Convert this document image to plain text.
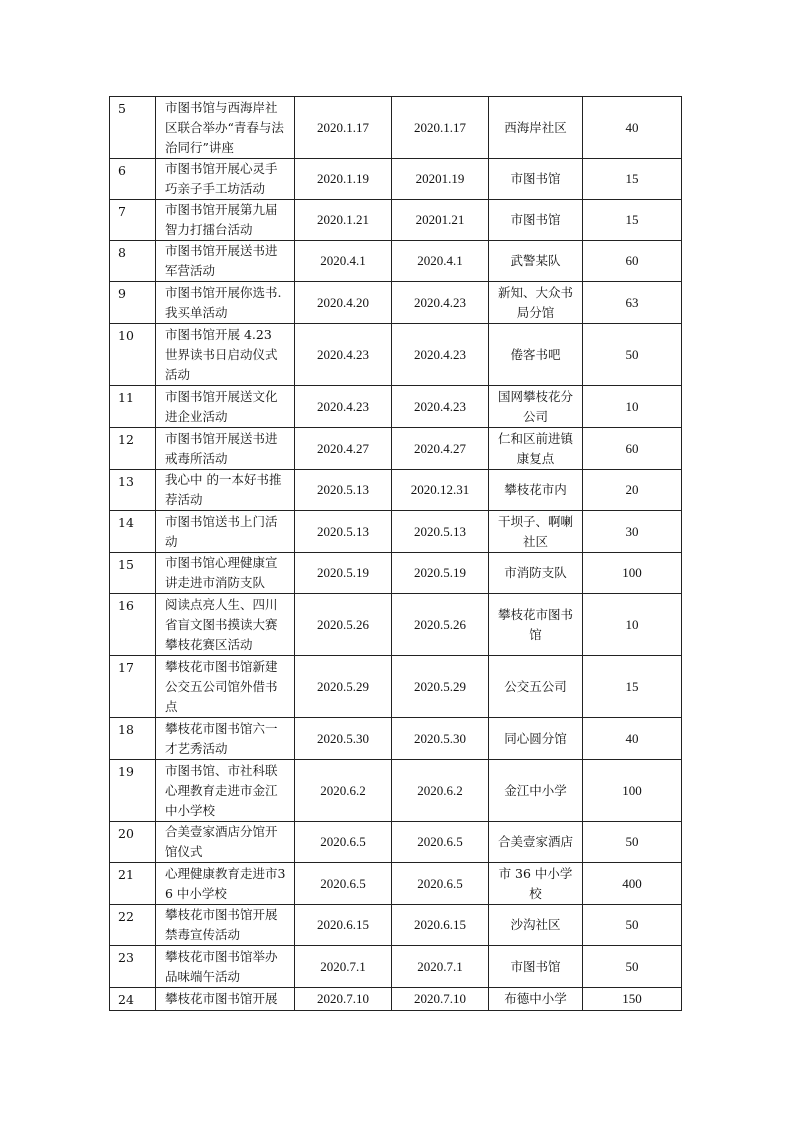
5	市图书馆与西海岸社区联合举办“青春与法治同行”讲座	2020.1.17	2020.1.17	西海岸社区	40
6	市图书馆开展心灵手巧亲子手工坊活动	2020.1.19	20201.19	市图书馆	15
7	市图书馆开展第九届智力打擂台活动	2020.1.21	20201.21	市图书馆	15
8	市图书馆开展送书进军营活动	2020.4.1	2020.4.1	武警某队	60
9	市图书馆开展你选书.我买单活动	2020.4.20	2020.4.23	新知、大众书局分馆	63
10	市图书馆开展 4.23 世界读书日启动仪式活动	2020.4.23	2020.4.23	倦客书吧	50
11	市图书馆开展送文化进企业活动	2020.4.23	2020.4.23	国网攀枝花分公司	10
12	市图书馆开展送书进戒毒所活动	2020.4.27	2020.4.27	仁和区前进镇康复点	60
13	我心中 的一本好书推荐活动	2020.5.13	2020.12.31	攀枝花市内	20
14	市图书馆送书上门活动	2020.5.13	2020.5.13	干坝子、啊喇社区	30
15	市图书馆心理健康宣讲走进市消防支队	2020.5.19	2020.5.19	市消防支队	100
16	阅读点亮人生、四川省盲文图书摸读大赛攀枝花赛区活动	2020.5.26	2020.5.26	攀枝花市图书馆	10
17	攀枝花市图书馆新建公交五公司馆外借书点	2020.5.29	2020.5.29	公交五公司	15
18	攀枝花市图书馆六一才艺秀活动	2020.5.30	2020.5.30	同心圆分馆	40
19	市图书馆、市社科联心理教育走进市金江中小学校	2020.6.2	2020.6.2	金江中小学	100
20	合美壹家酒店分馆开馆仪式	2020.6.5	2020.6.5	合美壹家酒店	50
21	心理健康教育走进市36 中小学校	2020.6.5	2020.6.5	市 36 中小学校	400
22	攀枝花市图书馆开展禁毒宣传活动	2020.6.15	2020.6.15	沙沟社区	50
23	攀枝花市图书馆举办品味端午活动	2020.7.1	2020.7.1	市图书馆	50
24	攀枝花市图书馆开展	2020.7.10	2020.7.10	布德中小学	150
